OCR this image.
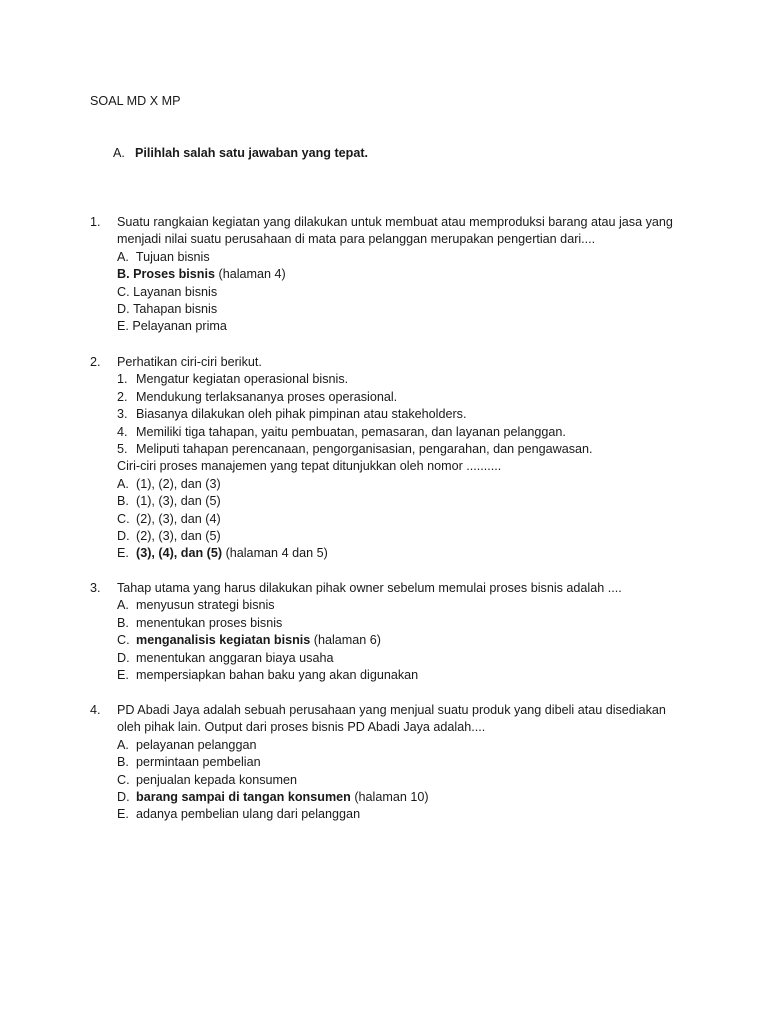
SOAL MD X MP
A. Pilihlah salah satu jawaban yang tepat.
1.	Suatu rangkaian kegiatan yang dilakukan untuk membuat atau memproduksi barang atau jasa yang
menjadi nilai suatu perusahaan di mata para pelanggan merupakan pengertian dari....
A. Tujuan bisnis
B. Proses bisnis (halaman 4)
C. Layanan bisnis
D. Tahapan bisnis
E. Pelayanan prima
2.	Perhatikan ciri-ciri berikut.
1. Mengatur kegiatan operasional bisnis.
2. Mendukung terlaksananya proses operasional.
3. Biasanya dilakukan oleh pihak pimpinan atau stakeholders.
4. Memiliki tiga tahapan, yaitu pembuatan, pemasaran, dan layanan pelanggan.
5. Meliputi tahapan perencanaan, pengorganisasian, pengarahan, dan pengawasan.
Ciri-ciri proses manajemen yang tepat ditunjukkan oleh nomor ..........
A. (1), (2), dan (3)
B. (1), (3), dan (5)
C. (2), (3), dan (4)
D. (2), (3), dan (5)
E. (3), (4), dan (5)
(halaman 4 dan 5)
3.	Tahap utama yang harus dilakukan pihak owner sebelum memulai proses bisnis adalah ....
A. menyusun strategi bisnis
B. menentukan proses bisnis
C. menganalisis kegiatan bisnis
(halaman 6)
D. menentukan anggaran biaya usaha
E. mempersiapkan bahan baku yang akan digunakan
4.	PD Abadi Jaya adalah sebuah perusahaan yang menjual suatu produk yang dibeli atau disediakan
oleh pihak lain. Output dari proses bisnis PD Abadi Jaya adalah....
A. pelayanan pelanggan
B. permintaan pembelian
C. penjualan kepada konsumen
D. barang sampai di tangan konsumen
(halaman 10)
E. adanya pembelian ulang dari pelanggan
